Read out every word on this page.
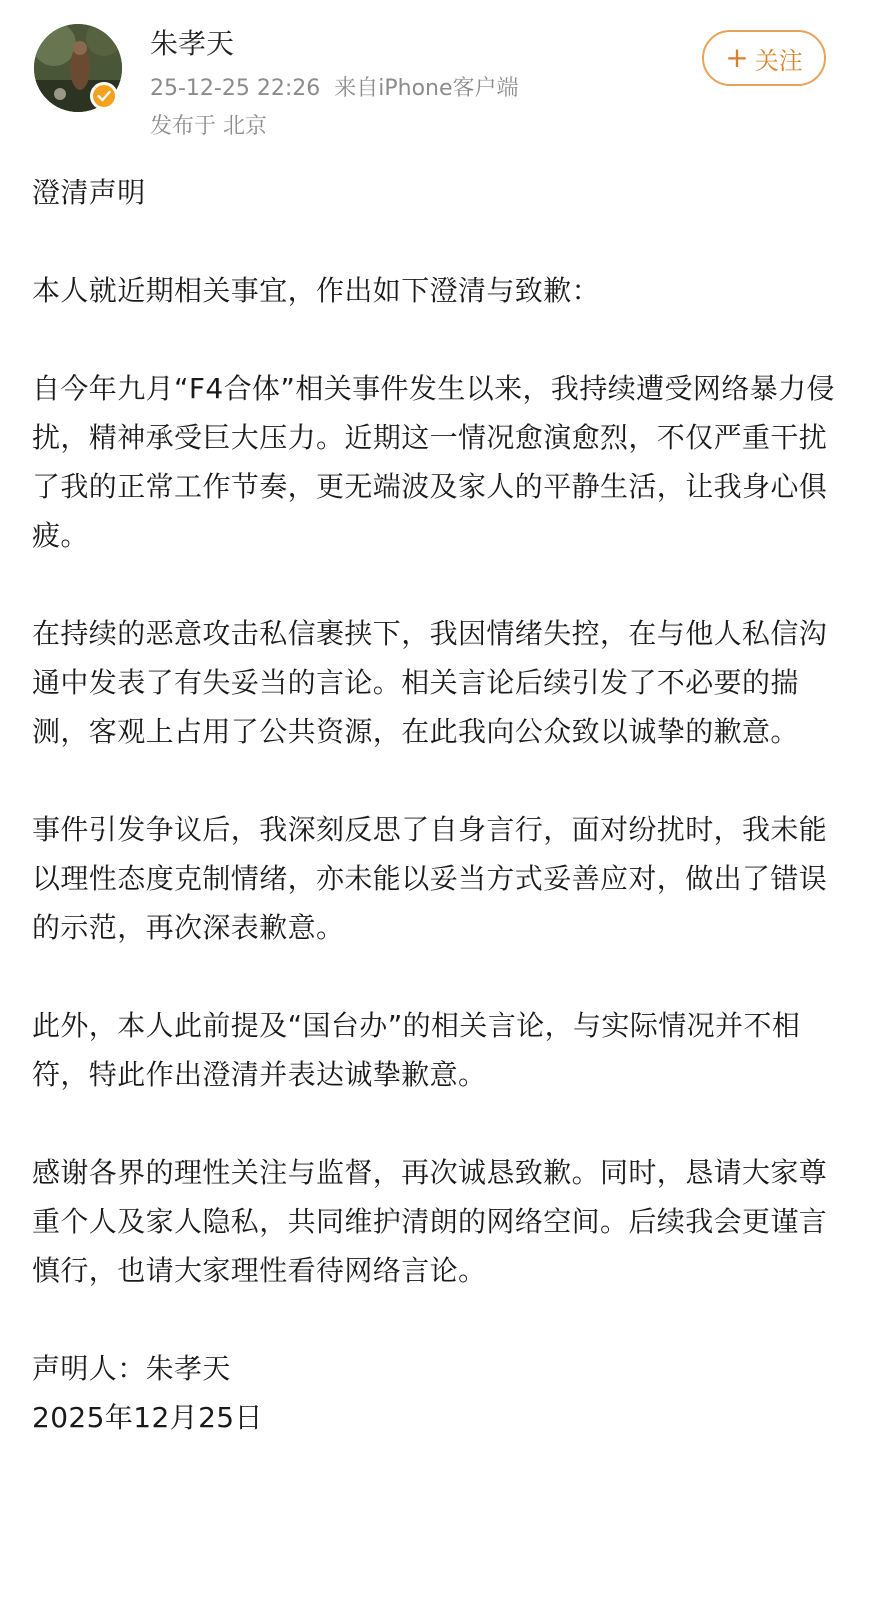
朱孝天
25-12-25 22:26 来自iPhone客户端
发布于 北京
+ 关注

澄清声明

本人就近期相关事宜，作出如下澄清与致歉：

自今年九月“F4合体”相关事件发生以来，我持续遭受网络暴力侵扰，精神承受巨大压力。近期这一情况愈演愈烈，不仅严重干扰了我的正常工作节奏，更无端波及家人的平静生活，让我身心俱疲。

在持续的恶意攻击私信裹挟下，我因情绪失控，在与他人私信沟通中发表了有失妥当的言论。相关言论后续引发了不必要的揣测，客观上占用了公共资源，在此我向公众致以诚挚的歉意。

事件引发争议后，我深刻反思了自身言行，面对纷扰时，我未能以理性态度克制情绪，亦未能以妥当方式妥善应对，做出了错误的示范，再次深表歉意。

此外，本人此前提及“国台办”的相关言论，与实际情况并不相符，特此作出澄清并表达诚挚歉意。

感谢各界的理性关注与监督，再次诚恳致歉。同时，恳请大家尊重个人及家人隐私，共同维护清朗的网络空间。后续我会更谨言慎行，也请大家理性看待网络言论。

声明人：朱孝天

2025年12月25日
